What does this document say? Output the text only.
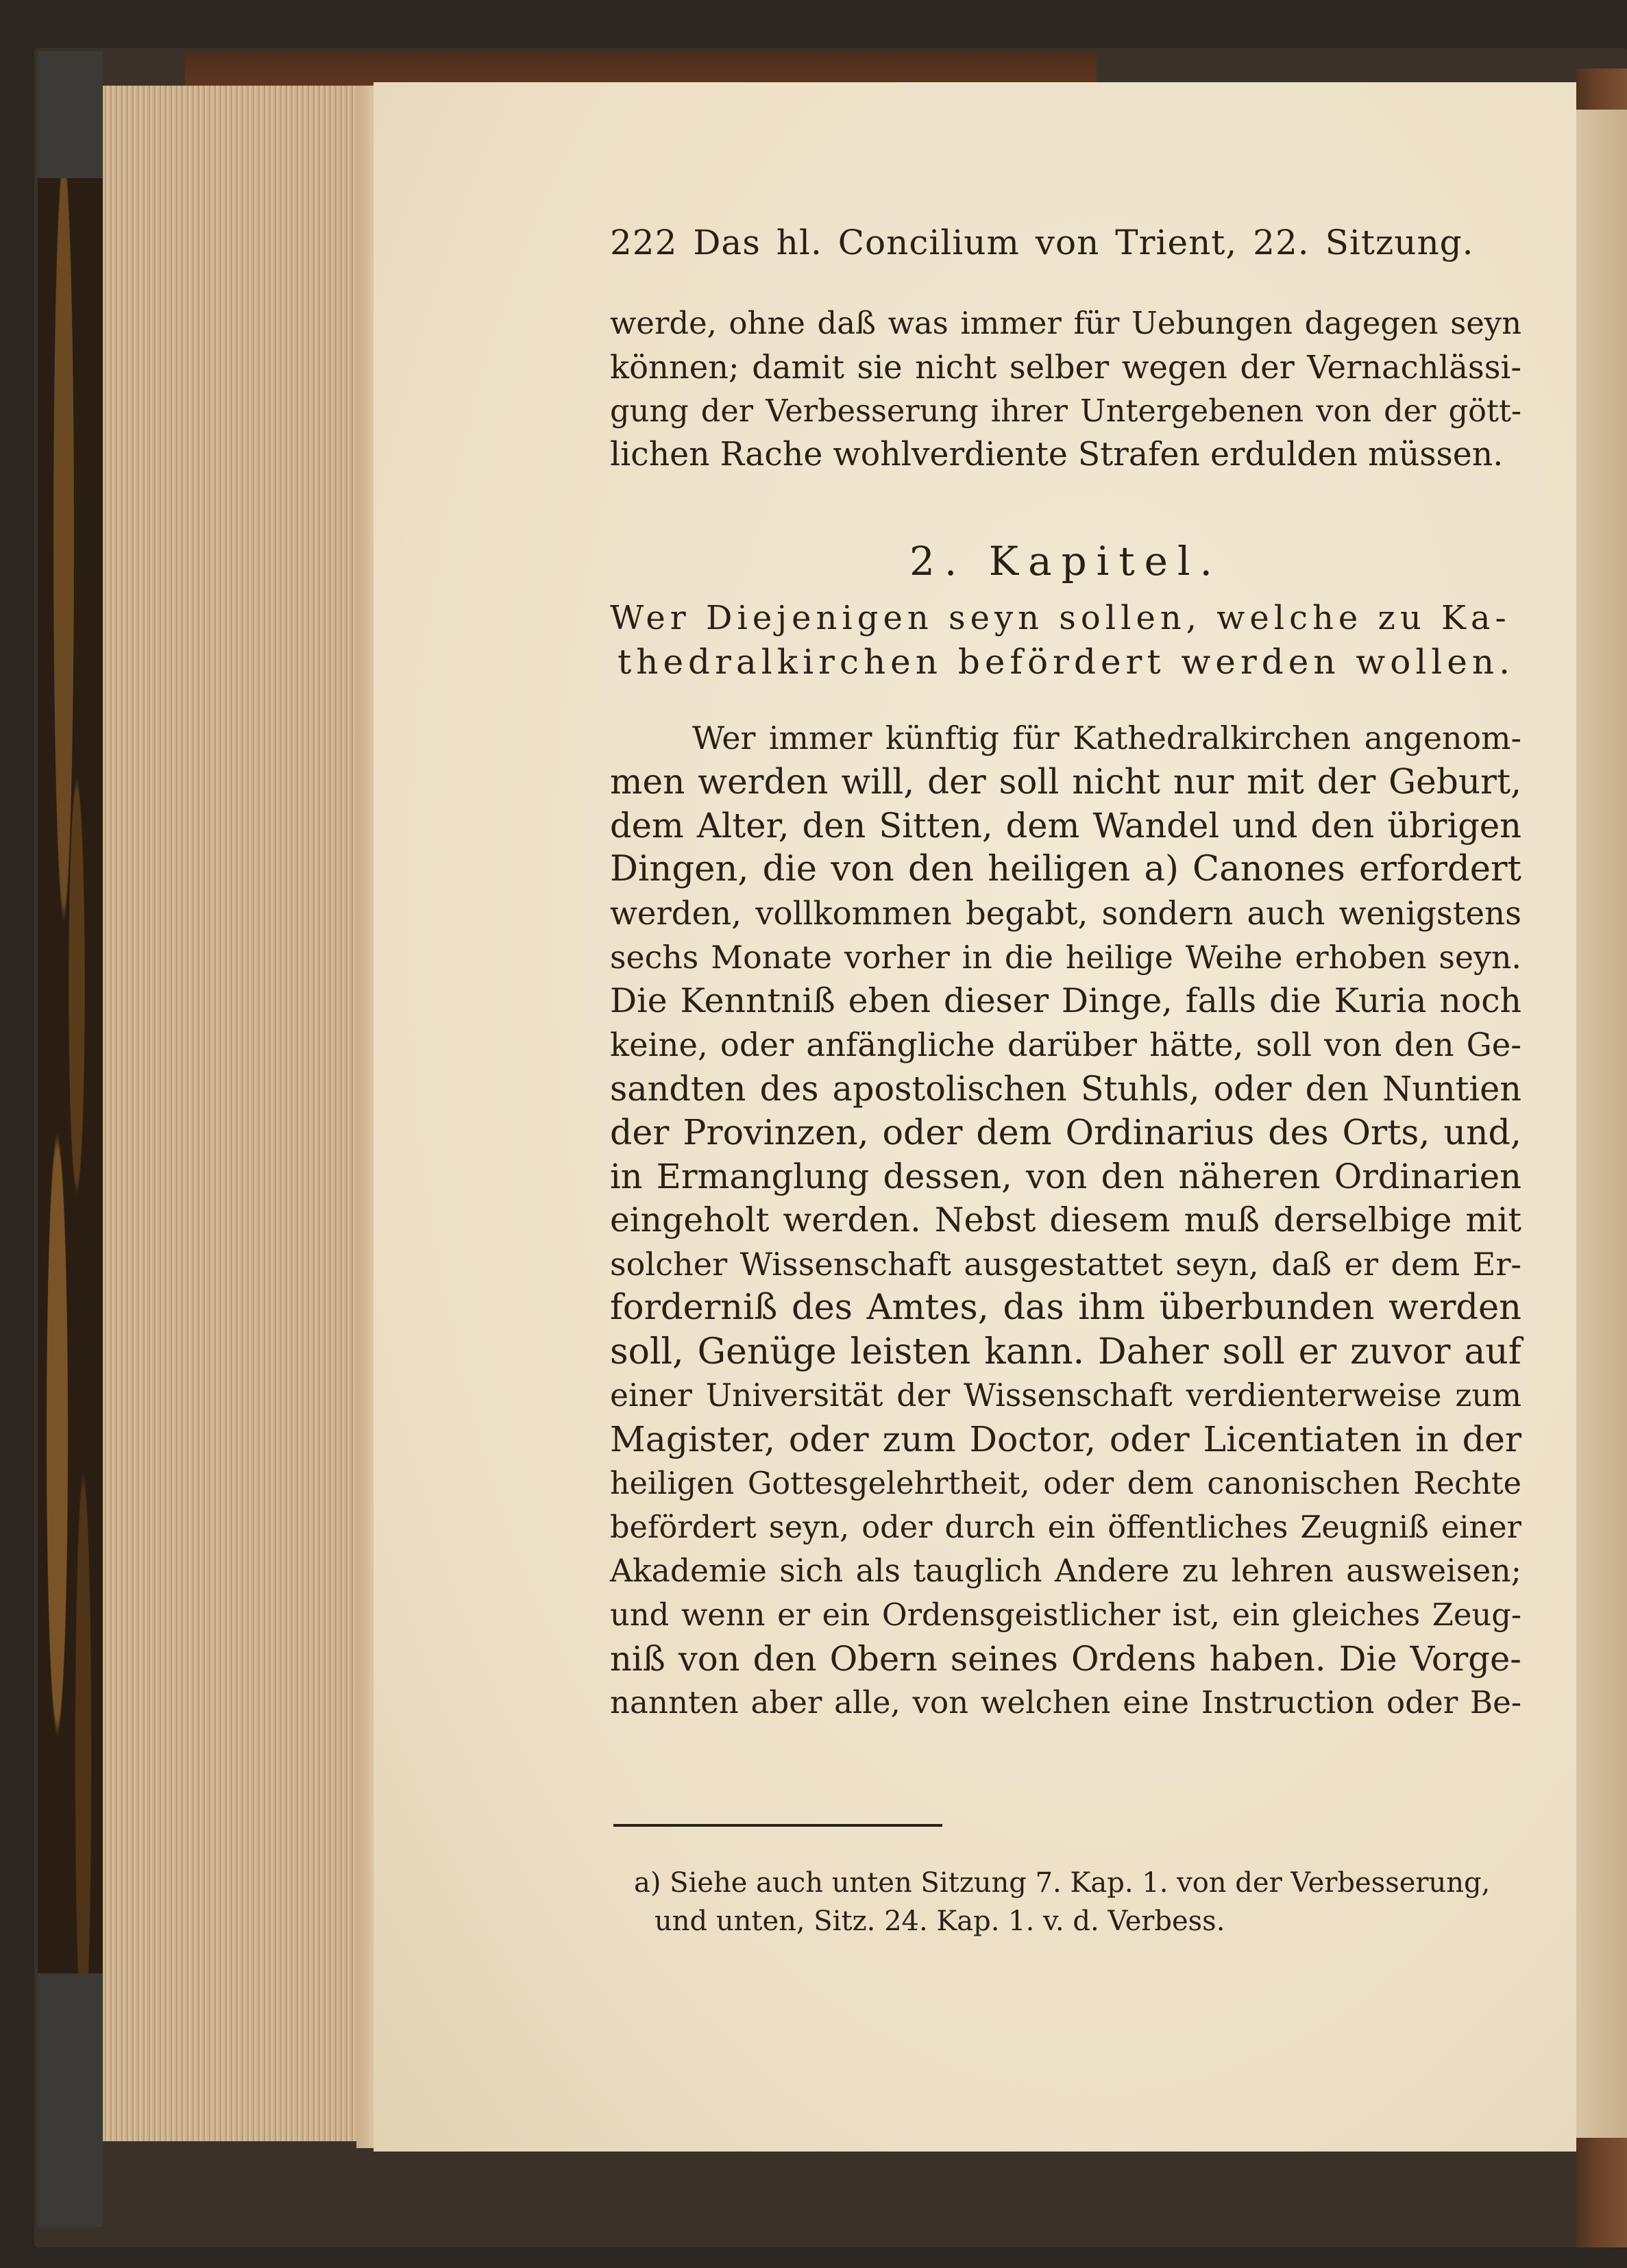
222 Das hl. Concilium von Trient, 22. Sitzung.
werde, ohne daß was immer für Uebungen dagegen seyn
können; damit sie nicht selber wegen der Vernachlässi-
gung der Verbesserung ihrer Untergebenen von der gött-
lichen Rache wohlverdiente Strafen erdulden müssen.
2. Kapitel.
Wer Diejenigen seyn sollen, welche zu Ka-
thedralkirchen befördert werden wollen.
Wer immer künftig für Kathedralkirchen angenom-
men werden will, der soll nicht nur mit der Geburt,
dem Alter, den Sitten, dem Wandel und den übrigen
Dingen, die von den heiligen a) Canones erfordert
werden, vollkommen begabt, sondern auch wenigstens
sechs Monate vorher in die heilige Weihe erhoben seyn.
Die Kenntniß eben dieser Dinge, falls die Kuria noch
keine, oder anfängliche darüber hätte, soll von den Ge-
sandten des apostolischen Stuhls, oder den Nuntien
der Provinzen, oder dem Ordinarius des Orts, und,
in Ermanglung dessen, von den näheren Ordinarien
eingeholt werden. Nebst diesem muß derselbige mit
solcher Wissenschaft ausgestattet seyn, daß er dem Er-
forderniß des Amtes, das ihm überbunden werden
soll, Genüge leisten kann. Daher soll er zuvor auf
einer Universität der Wissenschaft verdienterweise zum
Magister, oder zum Doctor, oder Licentiaten in der
heiligen Gottesgelehrtheit, oder dem canonischen Rechte
befördert seyn, oder durch ein öffentliches Zeugniß einer
Akademie sich als tauglich Andere zu lehren ausweisen;
und wenn er ein Ordensgeistlicher ist, ein gleiches Zeug-
niß von den Obern seines Ordens haben. Die Vorge-
nannten aber alle, von welchen eine Instruction oder Be-
a) Siehe auch unten Sitzung 7. Kap. 1. von der Verbesserung,
und unten, Sitz. 24. Kap. 1. v. d. Verbess.
